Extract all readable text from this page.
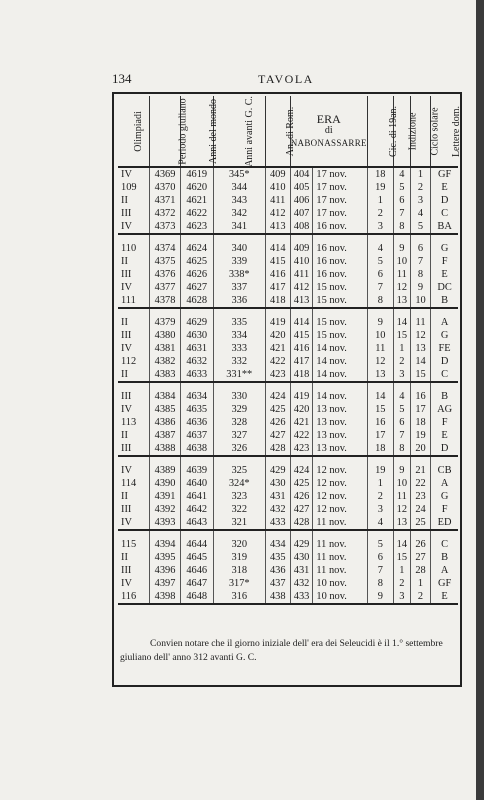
134	TAVOLA
Olimpiadi	Periodo giuliano	Anni del mondo	Anni avanti G. C.	An. di Rom.	ERA
di
NABONASSARRE		Cic. di 19an.	Indizione	Ciclo solare	Lettere dom.
IV	4369	4619	345*	409	404	17 nov.	18	4	1	GF
109	4370	4620	344	410	405	17 nov.	19	5	2	E
II	4371	4621	343	411	406	17 nov.	1	6	3	D
III	4372	4622	342	412	407	17 nov.	2	7	4	C
IV	4373	4623	341	413	408	16 nov.	3	8	5	BA

110	4374	4624	340	414	409	16 nov.	4	9	6	G
II	4375	4625	339	415	410	16 nov.	5	10	7	F
III	4376	4626	338*	416	411	16 nov.	6	11	8	E
IV	4377	4627	337	417	412	15 nov.	7	12	9	DC
111	4378	4628	336	418	413	15 nov.	8	13	10	B

II	4379	4629	335	419	414	15 nov.	9	14	11	A
III	4380	4630	334	420	415	15 nov.	10	15	12	G
IV	4381	4631	333	421	416	14 nov.	11	1	13	FE
112	4382	4632	332	422	417	14 nov.	12	2	14	D
II	4383	4633	331**	423	418	14 nov.	13	3	15	C

III	4384	4634	330	424	419	14 nov.	14	4	16	B
IV	4385	4635	329	425	420	13 nov.	15	5	17	AG
113	4386	4636	328	426	421	13 nov.	16	6	18	F
II	4387	4637	327	427	422	13 nov.	17	7	19	E
III	4388	4638	326	428	423	13 nov.	18	8	20	D

IV	4389	4639	325	429	424	12 nov.	19	9	21	CB
114	4390	4640	324*	430	425	12 nov.	1	10	22	A
II	4391	4641	323	431	426	12 nov.	2	11	23	G
III	4392	4642	322	432	427	12 nov.	3	12	24	F
IV	4393	4643	321	433	428	11 nov.	4	13	25	ED

115	4394	4644	320	434	429	11 nov.	5	14	26	C
II	4395	4645	319	435	430	11 nov.	6	15	27	B
III	4396	4646	318	436	431	11 nov.	7	1	28	A
IV	4397	4647	317*	437	432	10 nov.	8	2	1	GF
116	4398	4648	316	438	433	10 nov.	9	3	2	E
Convien notare che il giorno iniziale dell' era dei Seleucidi è il 1.° settembre giuliano dell' anno 312 avanti G. C.
